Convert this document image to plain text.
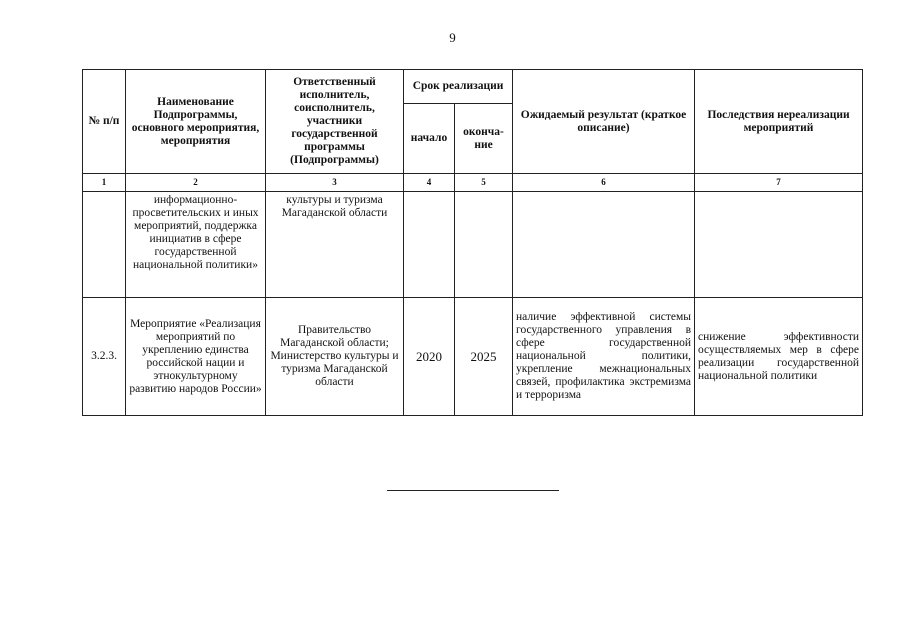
9
№ п/п	Наименование Подпрограммы, основного мероприятия, мероприятия	Ответственный исполнитель, соисполнитель, участники государственной программы (Подпрограммы)	Срок реализации		Ожидаемый результат (краткое описание)	Последствия нереализации мероприятий
			начало	оконча-ние		
1	2	3	4	5	6	7
	информационно-просветительских и иных мероприятий, поддержка инициатив в сфере государственной национальной политики»	культуры и туризма Магаданской области				
3.2.3.	Мероприятие «Реализация мероприятий по укреплению единства российской нации и этнокультурному развитию народов России»	Правительство Магаданской области; Министерство культуры и туризма Магаданской области	2020	2025	наличие эффективной системы государственного управления в сфере государственной национальной политики, укрепление межнациональных связей, профилактика экстремизма и терроризма	снижение эффективности осуществляемых мер в сфере реализации государственной национальной политики
